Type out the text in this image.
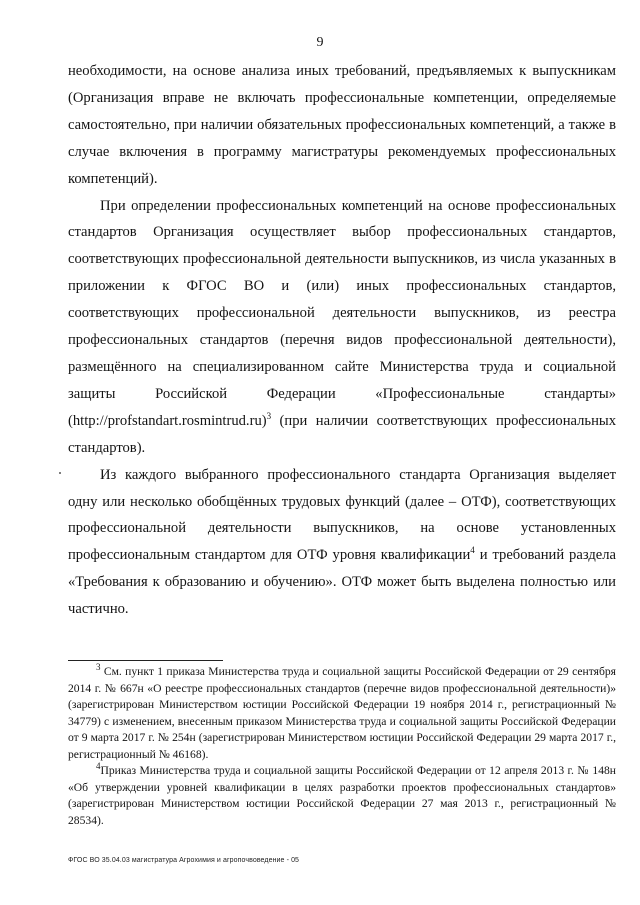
9

необходимости, на основе анализа иных требований, предъявляемых к выпускникам (Организация вправе не включать профессиональные компетенции, определяемые самостоятельно, при наличии обязательных профессиональных компетенций, а также в случае включения в программу магистратуры рекомендуемых профессиональных компетенций).

При определении профессиональных компетенций на основе профессиональных стандартов Организация осуществляет выбор профессиональных стандартов, соответствующих профессиональной деятельности выпускников, из числа указанных в приложении к ФГОС ВО и (или) иных профессиональных стандартов, соответствующих профессиональной деятельности выпускников, из реестра профессиональных стандартов (перечня видов профессиональной деятельности), размещённого на специализированном сайте Министерства труда и социальной защиты Российской Федерации «Профессиональные стандарты» (http://profstandart.rosmintrud.ru)$^3$ (при наличии соответствующих профессиональных стандартов).

Из каждого выбранного профессионального стандарта Организация выделяет одну или несколько обобщённых трудовых функций (далее – ОТФ), соответствующих профессиональной деятельности выпускников, на основе установленных профессиональным стандартом для ОТФ уровня квалификации$^4$ и требований раздела «Требования к образованию и обучению». ОТФ может быть выделена полностью или частично.

$^3$ См. пункт 1 приказа Министерства труда и социальной защиты Российской Федерации от 29 сентября 2014 г. № 667н «О реестре профессиональных стандартов (перечне видов профессиональной деятельности)» (зарегистрирован Министерством юстиции Российской Федерации 19 ноября 2014 г., регистрационный № 34779) с изменением, внесенным приказом Министерства труда и социальной защиты Российской Федерации от 9 марта 2017 г. № 254н (зарегистрирован Министерством юстиции Российской Федерации 29 марта 2017 г., регистрационный № 46168).

$^4$Приказ Министерства труда и социальной защиты Российской Федерации от 12 апреля 2013 г. № 148н «Об утверждении уровней квалификации в целях разработки проектов профессиональных стандартов» (зарегистрирован Министерством юстиции Российской Федерации 27 мая 2013 г., регистрационный № 28534).

ФГОС ВО 35.04.03 магистратура Агрохимия и агропочвоведение - 05
